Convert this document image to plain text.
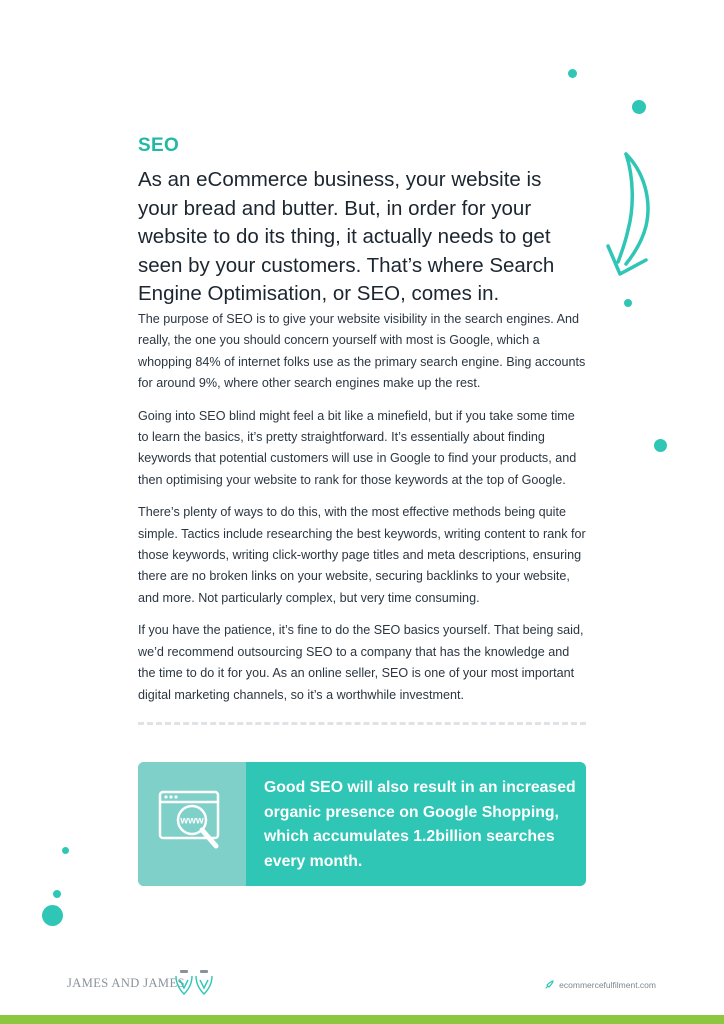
SEO
As an eCommerce business, your website is your bread and butter. But, in order for your website to do its thing, it actually needs to get seen by your customers. That’s where Search Engine Optimisation, or SEO, comes in.

The purpose of SEO is to give your website visibility in the search engines. And really, the one you should concern yourself with most is Google, which a whopping 84% of internet folks use as the primary search engine. Bing accounts for around 9%, where other search engines make up the rest.

Going into SEO blind might feel a bit like a minefield, but if you take some time to learn the basics, it’s pretty straightforward. It’s essentially about finding keywords that potential customers will use in Google to find your products, and then optimising your website to rank for those keywords at the top of Google.

There’s plenty of ways to do this, with the most effective methods being quite simple. Tactics include researching the best keywords, writing content to rank for those keywords, writing click-worthy page titles and meta descriptions, ensuring there are no broken links on your website, securing backlinks to your website, and more. Not particularly complex, but very time consuming.

If you have the patience, it’s fine to do the SEO basics yourself. That being said, we’d recommend outsourcing SEO to a company that has the knowledge and the time to do it for you. As an online seller, SEO is one of your most important digital marketing channels, so it’s a worthwhile investment.

www
Good SEO will also result in an increased organic presence on Google Shopping, which accumulates 1.2billion searches every month.
JAMES AND JAMES	ecommercefulfilment.com
